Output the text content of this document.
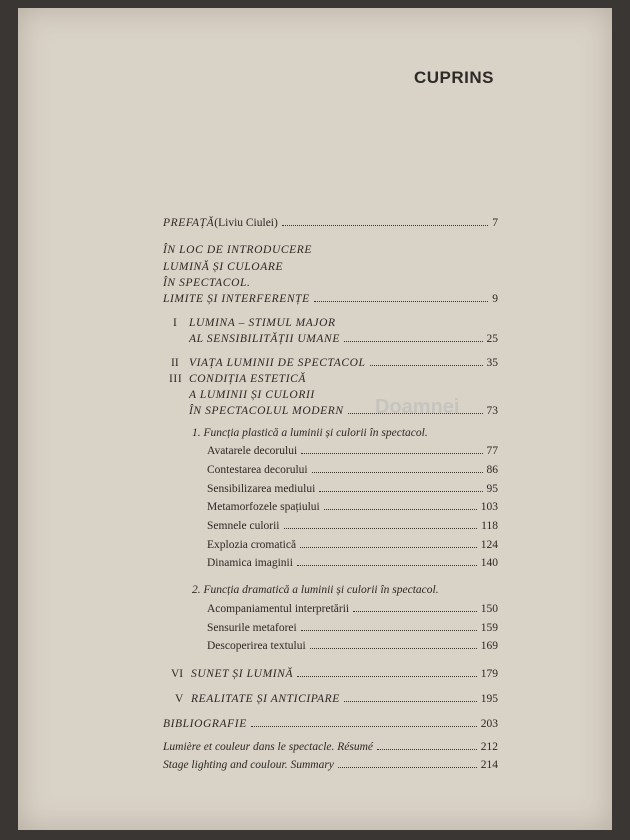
CUPRINS
Doamnei
PREFAȚĂ (Liviu Ciulei)	7
ÎN LOC DE INTRODUCERE
LUMINĂ ȘI CULOARE
ÎN SPECTACOL.
LIMITE ȘI INTERFERENȚE	9
I LUMINA – STIMUL MAJOR
AL SENSIBILITĂȚII UMANE	25
II VIAȚA LUMINII DE SPECTACOL	35
III CONDIȚIA ESTETICĂ
A LUMINII ȘI CULORII
ÎN SPECTACOLUL MODERN	73
1. Funcția plastică a luminii și culorii în spectacol.
Avatarele decorului	77
Contestarea decorului	86
Sensibilizarea mediului	95
Metamorfozele spațiului	103
Semnele culorii	118
Explozia cromatică	124
Dinamica imaginii	140
2. Funcția dramatică a luminii și culorii în spectacol.
Acompaniamentul interpretării	150
Sensurile metaforei	159
Descoperirea textului	169
VI SUNET ȘI LUMINĂ	179
V REALITATE ȘI ANTICIPARE	195
BIBLIOGRAFIE	203
Lumière et couleur dans le spectacle. Résumé	212
Stage lighting and coulour. Summary	214
